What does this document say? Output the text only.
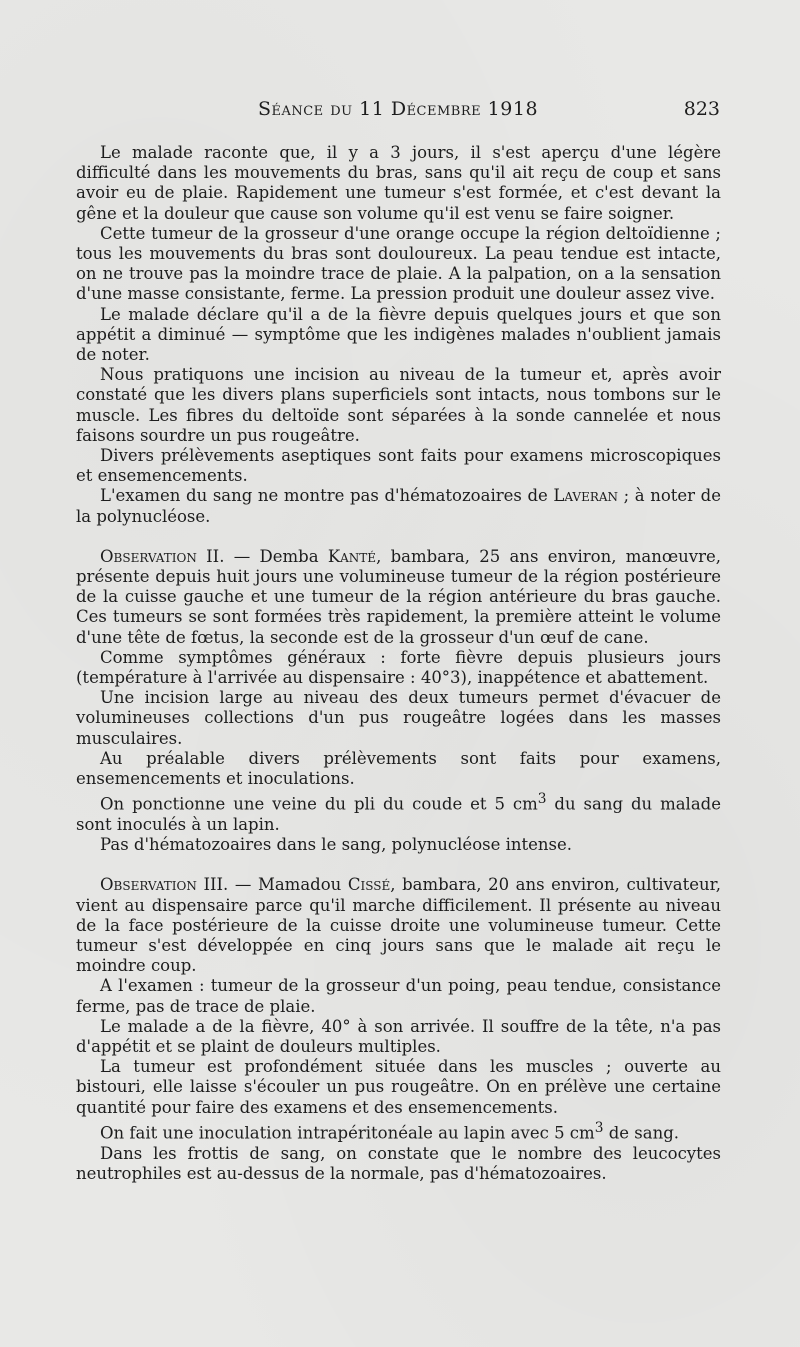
Séance du 11 Décembre 1918	823

Le malade raconte que, il y a 3 jours, il s'est aperçu d'une légère difficulté dans les mouvements du bras, sans qu'il ait reçu de coup et sans avoir eu de plaie. Rapidement une tumeur s'est formée, et c'est devant la gêne et la douleur que cause son volume qu'il est venu se faire soigner.

Cette tumeur de la grosseur d'une orange occupe la région deltoïdienne ; tous les mouvements du bras sont douloureux. La peau tendue est intacte, on ne trouve pas la moindre trace de plaie. A la palpation, on a la sensation d'une masse consistante, ferme. La pression produit une douleur assez vive.

Le malade déclare qu'il a de la fièvre depuis quelques jours et que son appétit a diminué — symptôme que les indigènes malades n'oublient jamais de noter.

Nous pratiquons une incision au niveau de la tumeur et, après avoir constaté que les divers plans superficiels sont intacts, nous tombons sur le muscle. Les fibres du deltoïde sont séparées à la sonde cannelée et nous faisons sourdre un pus rougeâtre.

Divers prélèvements aseptiques sont faits pour examens microscopiques et ensemencements.

L'examen du sang ne montre pas d'hématozoaires de Laveran ; à noter de la polynucléose.

Observation II. — Demba Kanté, bambara, 25 ans environ, manœuvre, présente depuis huit jours une volumineuse tumeur de la région postérieure de la cuisse gauche et une tumeur de la région antérieure du bras gauche. Ces tumeurs se sont formées très rapidement, la première atteint le volume d'une tête de fœtus, la seconde est de la grosseur d'un œuf de cane.

Comme symptômes généraux : forte fièvre depuis plusieurs jours (température à l'arrivée au dispensaire : 40°3), inappétence et abattement.

Une incision large au niveau des deux tumeurs permet d'évacuer de volumineuses collections d'un pus rougeâtre logées dans les masses musculaires.

Au préalable divers prélèvements sont faits pour examens, ensemencements et inoculations.

On ponctionne une veine du pli du coude et 5 $cm^3$ du sang du malade sont inoculés à un lapin.

Pas d'hématozoaires dans le sang, polynucléose intense.

Observation III. — Mamadou Cissé, bambara, 20 ans environ, cultivateur, vient au dispensaire parce qu'il marche difficilement. Il présente au niveau de la face postérieure de la cuisse droite une volumineuse tumeur. Cette tumeur s'est développée en cinq jours sans que le malade ait reçu le moindre coup.

A l'examen : tumeur de la grosseur d'un poing, peau tendue, consistance ferme, pas de trace de plaie.

Le malade a de la fièvre, 40° à son arrivée. Il souffre de la tête, n'a pas d'appétit et se plaint de douleurs multiples.

La tumeur est profondément située dans les muscles ; ouverte au bistouri, elle laisse s'écouler un pus rougeâtre. On en prélève une certaine quantité pour faire des examens et des ensemencements.

On fait une inoculation intrapéritonéale au lapin avec 5 $cm^3$ de sang.

Dans les frottis de sang, on constate que le nombre des leucocytes neutrophiles est au-dessus de la normale, pas d'hématozoaires.
